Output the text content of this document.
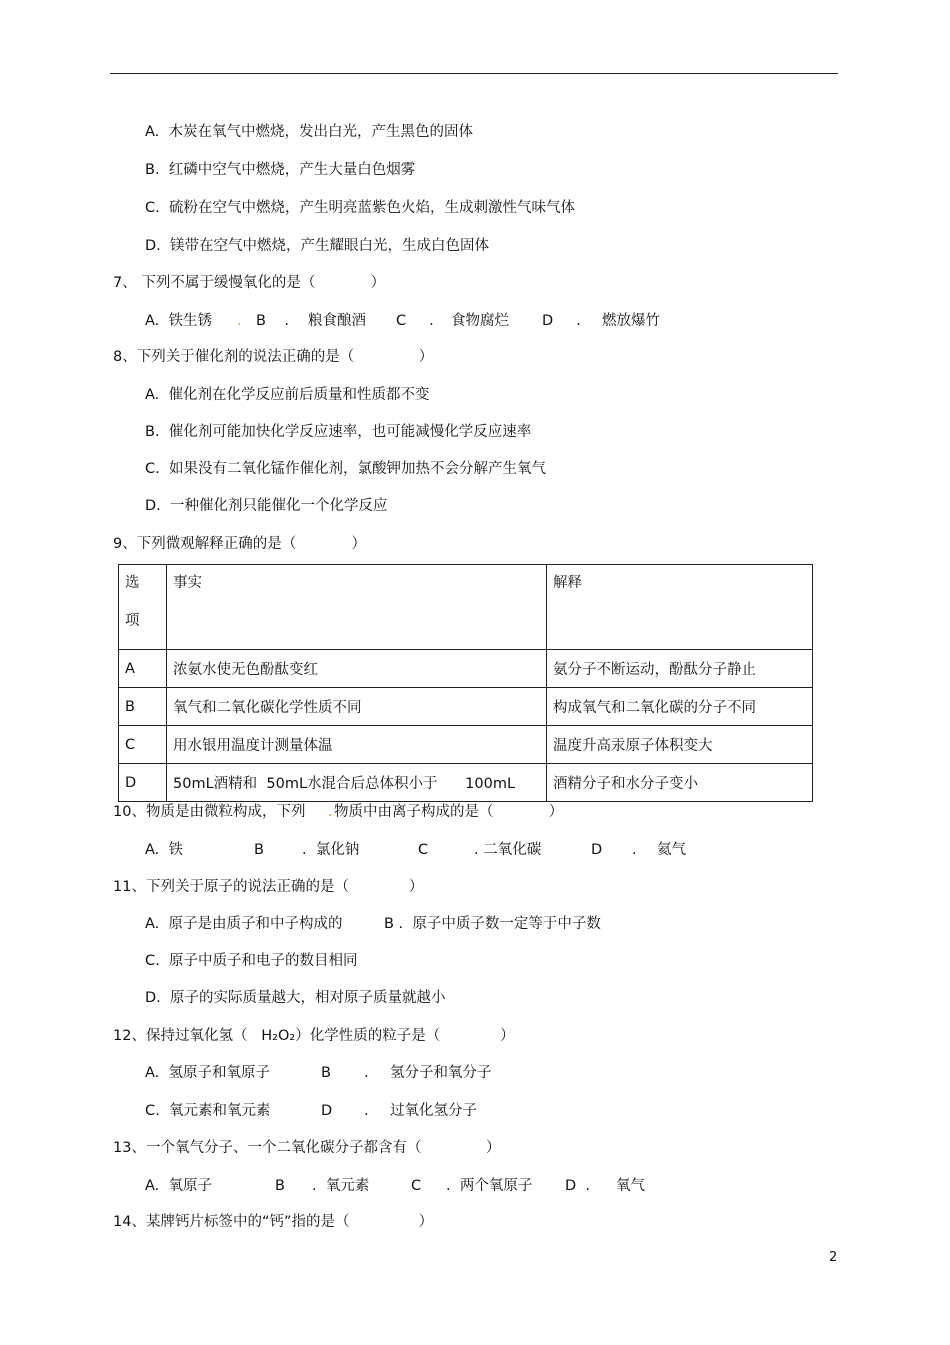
A.  木炭在氧气中燃烧，发出白光，产生黑色的固体
B.  红磷中空气中燃烧，产生大量白色烟雾
C.  硫粉在空气中燃烧，产生明亮蓝紫色火焰，生成刺激性气味气体
D.  镁带在空气中燃烧，产生耀眼白光，生成白色固体
7、 下列不属于缓慢氧化的是（            ）
A.  铁生锈 . B    . 粮食酿酒 C     . 食物腐烂 D     . 燃放爆竹
8、下列关于催化剂的说法正确的是（              ）
A.  催化剂在化学反应前后质量和性质都不变
B.  催化剂可能加快化学反应速率，也可能减慢化学反应速率
C.  如果没有二氧化锰作催化剂，氯酸钾加热不会分解产生氧气
D.  一种催化剂只能催化一个化学反应
9、下列微观解释正确的是（            ）
选
项	事实	解释
A	浓氨水使无色酚酞变红	氨分子不断运动，酚酞分子静止
B	氧气和二氧化碳化学性质不同	构成氧气和二氧化碳的分子不同
C	用水银用温度计测量体温	温度升高汞原子体积变大
D	50mL酒精和  50mL水混合后总体积小于      100mL	酒精分子和水分子变小
10、物质是由微粒构成，下列 . 物质中由离子构成的是（            ）
A.  铁	B	.  氯化钠	C	. 二氧化碳	D . 氦气
11、下列关于原子的说法正确的是（             ）
A.  原子是由质子和中子构成的         B .  原子中质子数一定等于中子数
C.  原子中质子和电子的数目相同
D.  原子的实际质量越大，相对原子质量就越小
12、保持过氧化氢（   H₂O₂）化学性质的粒子是（             ）
A.  氢原子和氧原子	B . 氢分子和氧分子
C.  氧元素和氧元素	D . 过氧化氢分子
13、一个氧气分子、一个二氧化碳分子都含有（              ）
A.  氧原子	B .  氧元素	C .  两个氧原子 D  . 氧气
14、某牌钙片标签中的“钙”指的是（               ）
2
